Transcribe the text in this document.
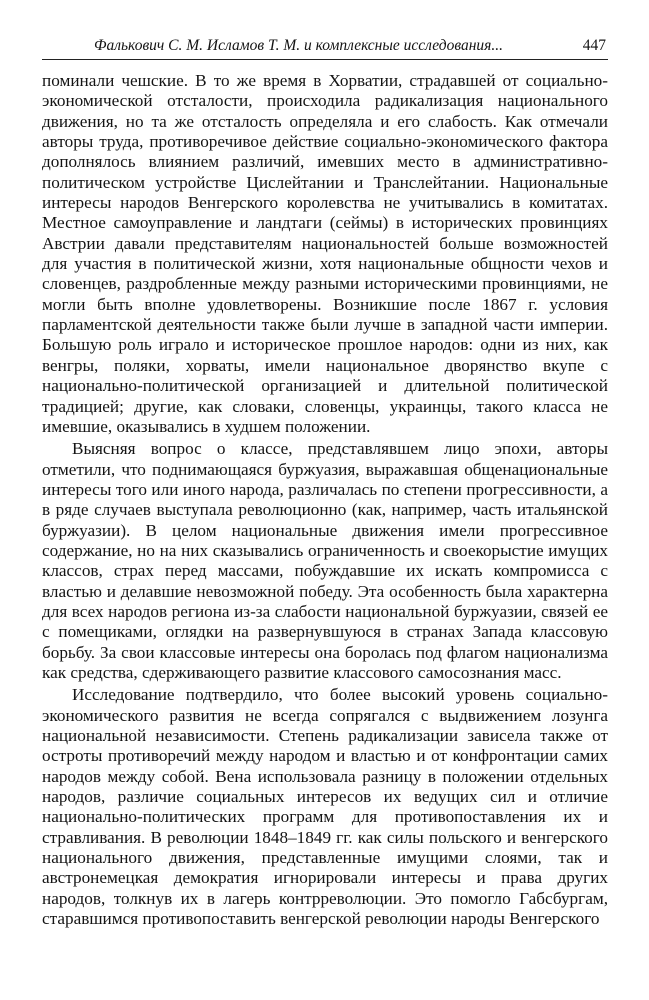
Фалькович С. М. Исламов Т. М. и комплексные исследования...	447

поминали чешские. В то же время в Хорватии, страдавшей от социально-экономической отсталости, происходила радикализация национального движения, но та же отсталость определяла и его слабость. Как отмечали авторы труда, противоречивое действие социально-экономического фактора дополнялось влиянием различий, имевших место в административно-политическом устройстве Цислейтании и Транслейтании. Национальные интересы народов Венгерского королевства не учитывались в комитатах. Местное самоуправление и ландтаги (сеймы) в исторических провинциях Австрии давали представителям национальностей больше возможностей для участия в политической жизни, хотя национальные общности чехов и словенцев, раздробленные между разными историческими провинциями, не могли быть вполне удовлетворены. Возникшие после 1867 г. условия парламентской деятельности также были лучше в западной части империи. Большую роль играло и историческое прошлое народов: одни из них, как венгры, поляки, хорваты, имели национальное дворянство вкупе с национально-политической организацией и длительной политической традицией; другие, как словаки, словенцы, украинцы, такого класса не имевшие, оказывались в худшем положении.

Выясняя вопрос о классе, представлявшем лицо эпохи, авторы отметили, что поднимающаяся буржуазия, выражавшая общенациональные интересы того или иного народа, различалась по степени прогрессивности, а в ряде случаев выступала революционно (как, например, часть итальянской буржуазии). В целом национальные движения имели прогрессивное содержание, но на них сказывались ограниченность и своекорыстие имущих классов, страх перед массами, побуждавшие их искать компромисса с властью и делавшие невозможной победу. Эта особенность была характерна для всех народов региона из-за слабости национальной буржуазии, связей ее с помещиками, оглядки на развернувшуюся в странах Запада классовую борьбу. За свои классовые интересы она боролась под флагом национализма как средства, сдерживающего развитие классового самосознания масс.

Исследование подтвердило, что более высокий уровень социально-экономического развития не всегда сопрягался с выдвижением лозунга национальной независимости. Степень радикализации зависела также от остроты противоречий между народом и властью и от конфронтации самих народов между собой. Вена использовала разницу в положении отдельных народов, различие социальных интересов их ведущих сил и отличие национально-политических программ для противопоставления их и стравливания. В революции 1848–1849 гг. как силы польского и венгерского национального движения, представленные имущими слоями, так и австронемецкая демократия игнорировали интересы и права других народов, толкнув их в лагерь контрреволюции. Это помогло Габсбургам, старавшимся противопоставить венгерской революции народы Венгерского
